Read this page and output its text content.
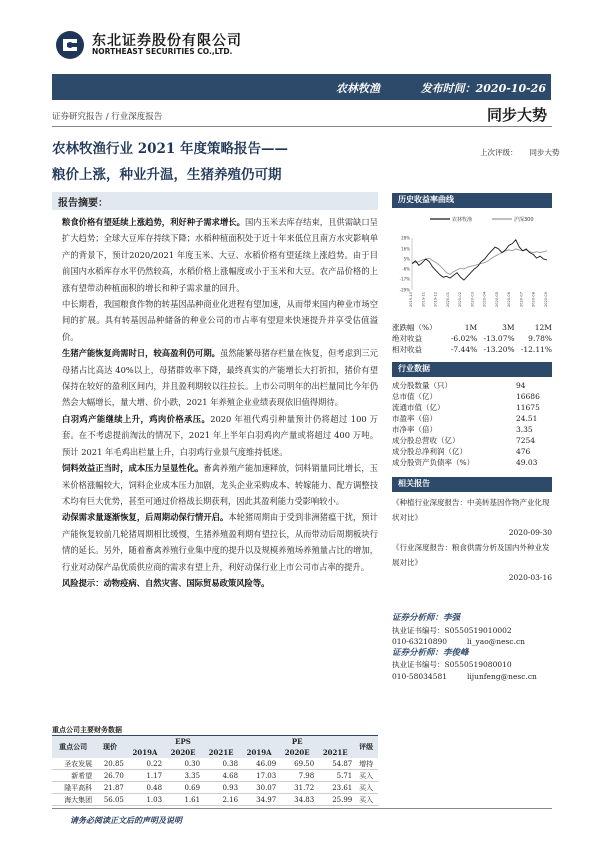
东北证券股份有限公司
NORTHEAST SECURITIES CO.,LTD.
农林牧渔	发布时间：2020-10-26
证券研究报告 / 行业深度报告	同步大势
农林牧渔行业 2021 年度策略报告——
粮价上涨，种业升温，生猪养殖仍可期
上次评级： 同步大势
报告摘要：

粮食价格有望延续上涨趋势，利好种子需求增长。国内玉米去库存结束，且供需缺口呈扩大趋势；全球大豆库存持续下降；水稻种植面积处于近十年来低位且南方水灾影响单产的背景下，预计2020/2021 年度玉米、大豆、水稻价格有望延续上涨趋势。由于目前国内水稻库存水平仍然较高，水稻价格上涨幅度或小于玉米和大豆。农产品价格的上涨有望带动种植面积的增长和种子需求量的回升。

中长期看，我国粮食作物的转基因品种商业化进程有望加速，从而带来国内种业市场空间的扩展。具有转基因品种储备的种业公司的市占率有望迎来快速提升并享受估值溢价。

生猪产能恢复尚需时日，较高盈利仍可期。虽然能繁母猪存栏量在恢复，但考虑到三元母猪占比高达 40%以上，母猪群效率下降，最终真实的产能增长大打折扣，猪价有望保持在较好的盈利区间内，并且盈利期较以往拉长。上市公司明年的出栏量同比今年仍然会大幅增长，量大增、价小跌，2021 年养殖企业业绩表现依旧值得期待。

白羽鸡产能继续上升，鸡肉价格承压。2020 年祖代鸡引种量预计仍将超过 100 万套。在不考虑提前淘汰的情况下，2021 年上半年白羽鸡肉产量或将超过 400 万吨。预计 2021 年毛鸡出栏量上升，白羽鸡行业景气度维持低迷。

饲料效益正当时，成本压力呈显性化。畜禽养殖产能加速释放，饲料销量同比增长，玉米价格涨幅较大，饲料企业成本压力加剧，龙头企业采购成本、转嫁能力、配方调整技术均有巨大优势，甚至可通过价格战长期获利，因此其盈利能力受影响较小。

动保需求量逐渐恢复，后周期动保行情开启。本轮猪周期由于受到非洲猪瘟干扰，预计产能恢复较前几轮猪周期相比缓慢，生猪养殖盈利期有望拉长，从而带动后周期板块行情的延长。另外，随着畜禽养殖行业集中度的提升以及规模养殖场养殖量占比的增加，行业对动保产品优质供应商的需求有望上升，利好动保行业上市公司市占率的提升。

风险提示：动物疫病、自然灾害、国际贸易政策风险等。

历史收益率曲线
农林牧渔	沪深300
28%
16%
5%
-6%
-17%
-29%
2019-10 2019-11 2019-12 2020-01 2020-02 2020-03 2020-04 2020-05 2020-06 2020-07 2020-08 2020-09
涨跌幅（%）	1M	3M	12M
绝对收益	-6.02%	-13.07%	9.78%
相对收益	-7.44%	-13.20%	-12.11%
行业数据
成分股数量（只）	94
总市值（亿）	16686
流通市值（亿）	11675
市盈率（倍）	24.51
市净率（倍）	3.35
成分股总营收（亿）	7254
成分股总净利润（亿）	476
成分股资产负债率（%）	49.03
相关报告
《种植行业深度报告：中美转基因作物产业化现状对比》
2020-09-30
《行业深度报告：粮食供需分析及国内外种业发展对比》
2020-03-16
证券分析师：李强
执业证书编号：S0550519010002
010-63210890	li_yao@nesc.cn
证券分析师：李俊峰
执业证书编号：S0550519080010
010-58034581	lijunfeng@nesc.cn
重点公司主要财务数据
重点公司	现价	EPS			PE			评级
		2019A	2020E	2021E	2019A	2020E	2021E	
圣农发展	20.85	0.22	0.30	0.38	46.09	69.50	54.87	增持
新希望	26.70	1.17	3.35	4.68	17.03	7.98	5.71	买入
隆平高科	21.87	0.48	0.69	0.93	30.07	31.72	23.61	买入
海大集团	56.05	1.03	1.61	2.16	34.97	34.83	25.99	买入
请务必阅读正文后的声明及说明
